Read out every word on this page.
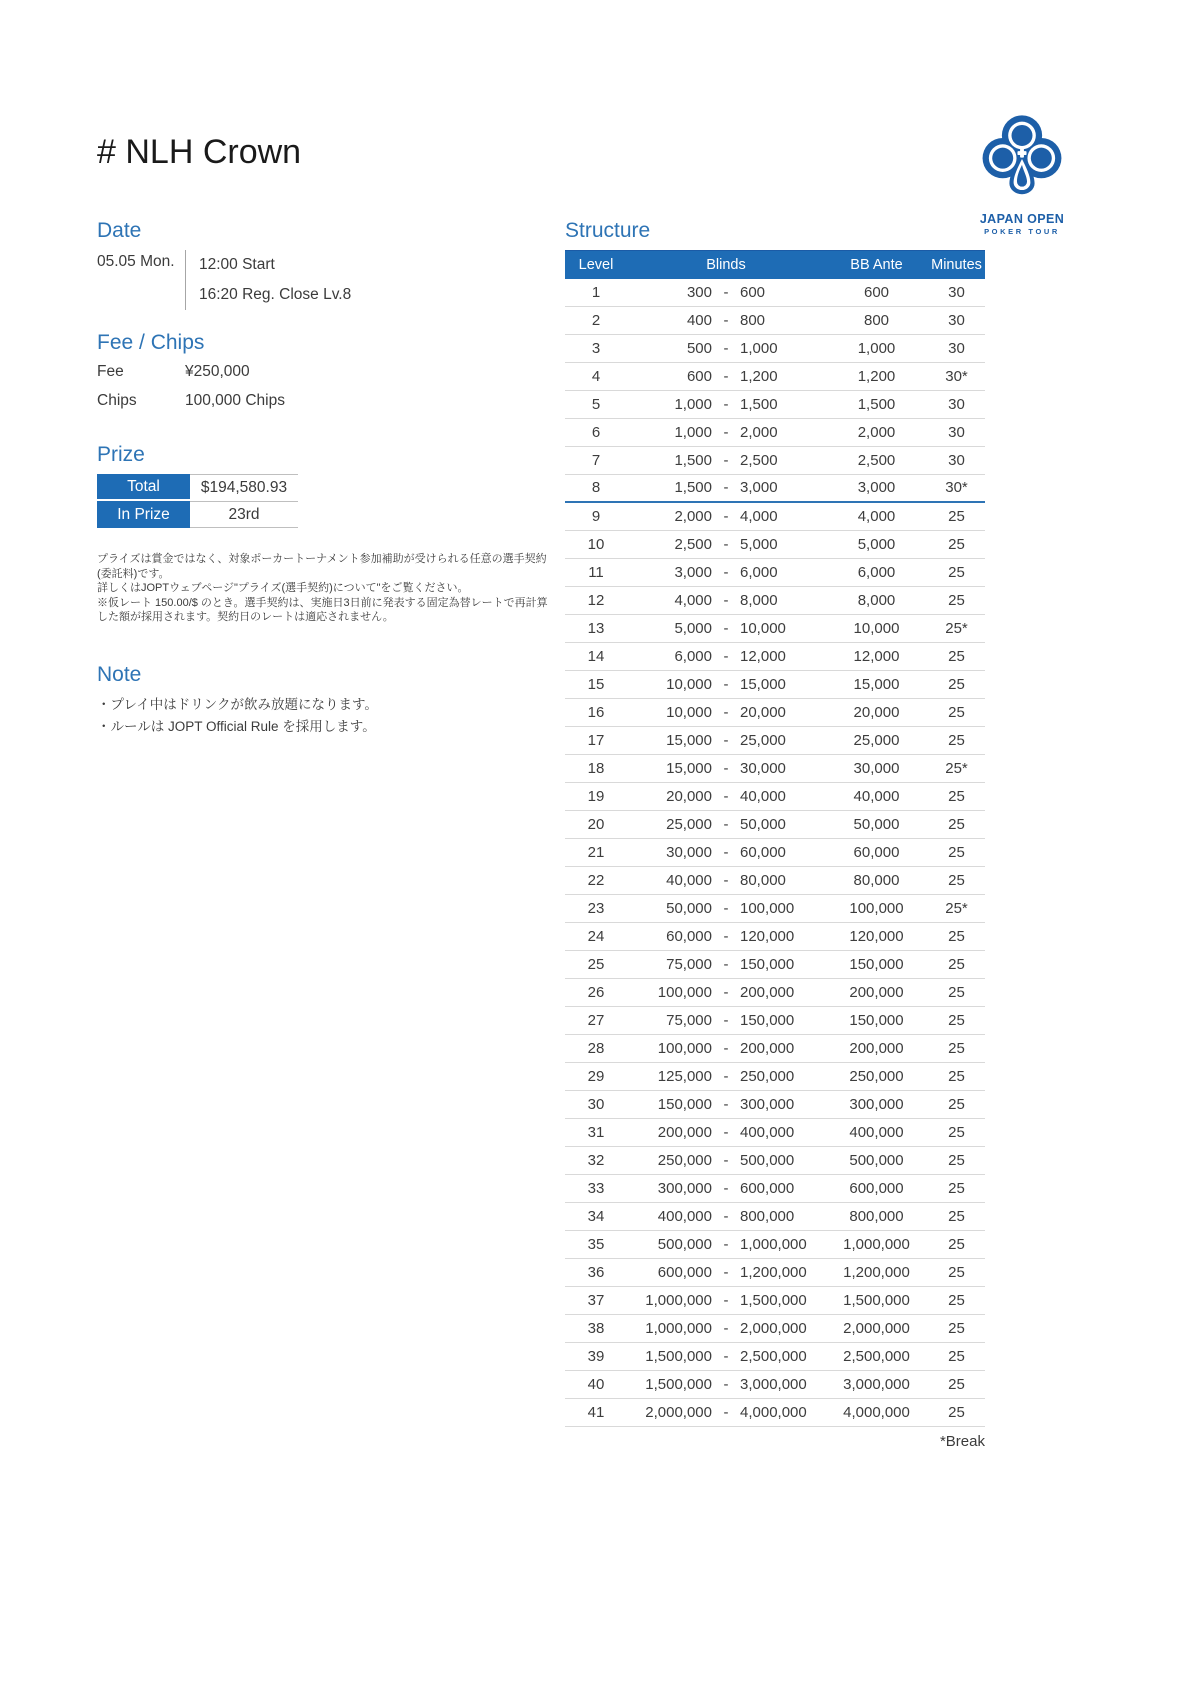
# NLH Crown
JAPAN OPEN
POKER TOUR
Date
05.05 Mon.	12:00 Start
16:20 Reg. Close Lv.8
Fee / Chips
Fee	¥250,000
Chips	100,000 Chips
Prize
Total	$194,580.93
In Prize	23rd

プライズは賞金ではなく、対象ポーカートーナメント参加補助が受けられる任意の選手契約(委託料)です。

詳しくはJOPTウェブページ"プライズ(選手契約)について"をご覧ください。

※仮レート 150.00/$ のとき。選手契約は、実施日3日前に発表する固定為替レートで再計算した額が採用されます。契約日のレートは適応されません。

Note
・プレイ中はドリンクが飲み放題になります。
・ルールは JOPT Official Rule を採用します。
Structure
Level	Blinds	BB Ante	Minutes
1	300 - 600	600	30
2	400 - 800	800	30
3	500 - 1,000	1,000	30
4	600 - 1,200	1,200	30*
5	1,000 - 1,500	1,500	30
6	1,000 - 2,000	2,000	30
7	1,500 - 2,500	2,500	30
8	1,500 - 3,000	3,000	30*
9	2,000 - 4,000	4,000	25
10	2,500 - 5,000	5,000	25
11	3,000 - 6,000	6,000	25
12	4,000 - 8,000	8,000	25
13	5,000 - 10,000	10,000	25*
14	6,000 - 12,000	12,000	25
15	10,000 - 15,000	15,000	25
16	10,000 - 20,000	20,000	25
17	15,000 - 25,000	25,000	25
18	15,000 - 30,000	30,000	25*
19	20,000 - 40,000	40,000	25
20	25,000 - 50,000	50,000	25
21	30,000 - 60,000	60,000	25
22	40,000 - 80,000	80,000	25
23	50,000 - 100,000	100,000	25*
24	60,000 - 120,000	120,000	25
25	75,000 - 150,000	150,000	25
26	100,000 - 200,000	200,000	25
27	75,000 - 150,000	150,000	25
28	100,000 - 200,000	200,000	25
29	125,000 - 250,000	250,000	25
30	150,000 - 300,000	300,000	25
31	200,000 - 400,000	400,000	25
32	250,000 - 500,000	500,000	25
33	300,000 - 600,000	600,000	25
34	400,000 - 800,000	800,000	25
35	500,000 - 1,000,000	1,000,000	25
36	600,000 - 1,200,000	1,200,000	25
37	1,000,000 - 1,500,000	1,500,000	25
38	1,000,000 - 2,000,000	2,000,000	25
39	1,500,000 - 2,500,000	2,500,000	25
40	1,500,000 - 3,000,000	3,000,000	25
41	2,000,000 - 4,000,000	4,000,000	25
*Break
